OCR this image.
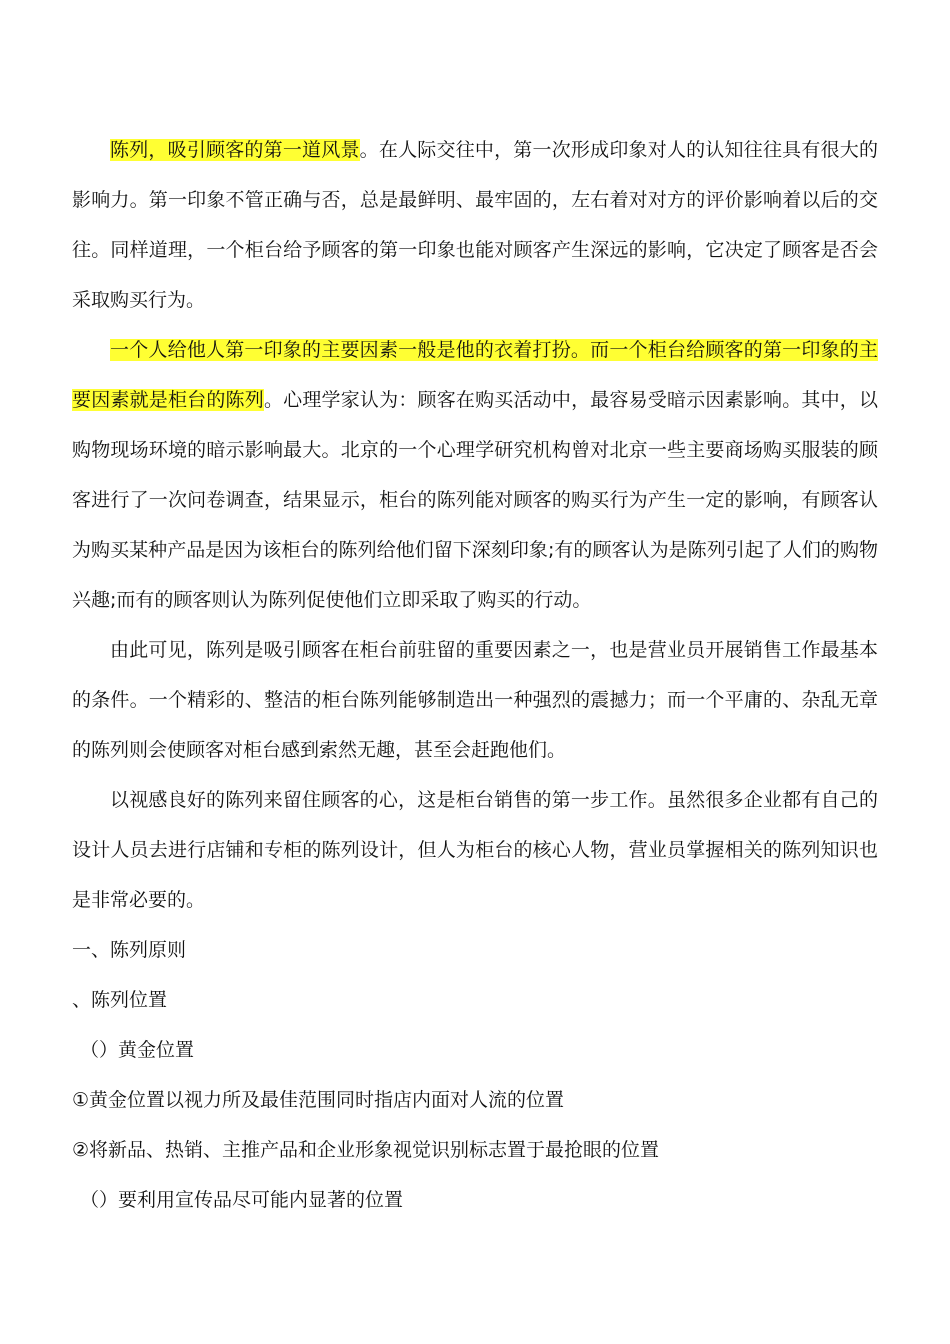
陈列，吸引顾客的第一道风景。在人际交往中，第一次形成印象对人的认知往往具有很大的影响力。第一印象不管正确与否，总是最鲜明、最牢固的，左右着对对方的评价影响着以后的交往。同样道理，一个柜台给予顾客的第一印象也能对顾客产生深远的影响，它决定了顾客是否会采取购买行为。

一个人给他人第一印象的主要因素一般是他的衣着打扮。而一个柜台给顾客的第一印象的主要因素就是柜台的陈列。心理学家认为：顾客在购买活动中，最容易受暗示因素影响。其中，以购物现场环境的暗示影响最大。北京的一个心理学研究机构曾对北京一些主要商场购买服装的顾客进行了一次问卷调查，结果显示，柜台的陈列能对顾客的购买行为产生一定的影响，有顾客认为购买某种产品是因为该柜台的陈列给他们留下深刻印象;有的顾客认为是陈列引起了人们的购物兴趣;而有的顾客则认为陈列促使他们立即采取了购买的行动。

由此可见，陈列是吸引顾客在柜台前驻留的重要因素之一，也是营业员开展销售工作最基本的条件。一个精彩的、整洁的柜台陈列能够制造出一种强烈的震撼力；而一个平庸的、杂乱无章的陈列则会使顾客对柜台感到索然无趣，甚至会赶跑他们。

以视感良好的陈列来留住顾客的心，这是柜台销售的第一步工作。虽然很多企业都有自己的设计人员去进行店铺和专柜的陈列设计，但人为柜台的核心人物，营业员掌握相关的陈列知识也是非常必要的。

一、陈列原则

、陈列位置

（）黄金位置

①黄金位置以视力所及最佳范围同时指店内面对人流的位置

②将新品、热销、主推产品和企业形象视觉识别标志置于最抢眼的位置

（）要利用宣传品尽可能内显著的位置
